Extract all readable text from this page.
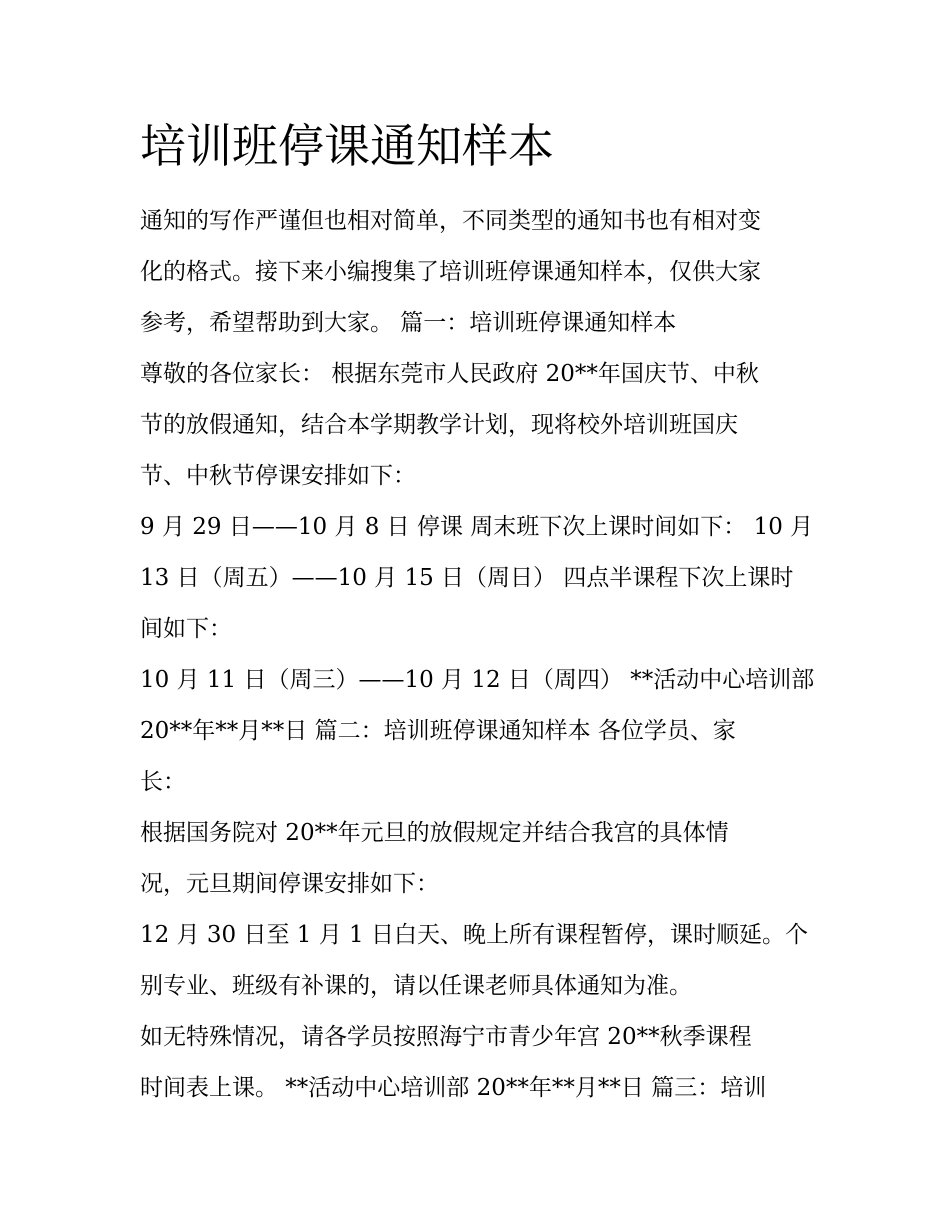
培训班停课通知样本
通知的写作严谨但也相对简单，不同类型的通知书也有相对变
化的格式。接下来小编搜集了培训班停课通知样本，仅供大家
参考，希望帮助到大家。 篇一：培训班停课通知样本
尊敬的各位家长： 根据东莞市人民政府 20**年国庆节、中秋
节的放假通知，结合本学期教学计划，现将校外培训班国庆
节、中秋节停课安排如下：
9 月 29 日——10 月 8 日 停课 周末班下次上课时间如下： 10 月
13 日（周五）——10 月 15 日（周日） 四点半课程下次上课时
间如下：
10 月 11 日（周三）——10 月 12 日（周四） **活动中心培训部
20**年**月**日 篇二：培训班停课通知样本 各位学员、家
长：
根据国务院对 20**年元旦的放假规定并结合我宫的具体情
况，元旦期间停课安排如下：
12 月 30 日至 1 月 1 日白天、晚上所有课程暂停，课时顺延。个
别专业、班级有补课的，请以任课老师具体通知为准。
如无特殊情况，请各学员按照海宁市青少年宫 20**秋季课程
时间表上课。 **活动中心培训部 20**年**月**日 篇三：培训
